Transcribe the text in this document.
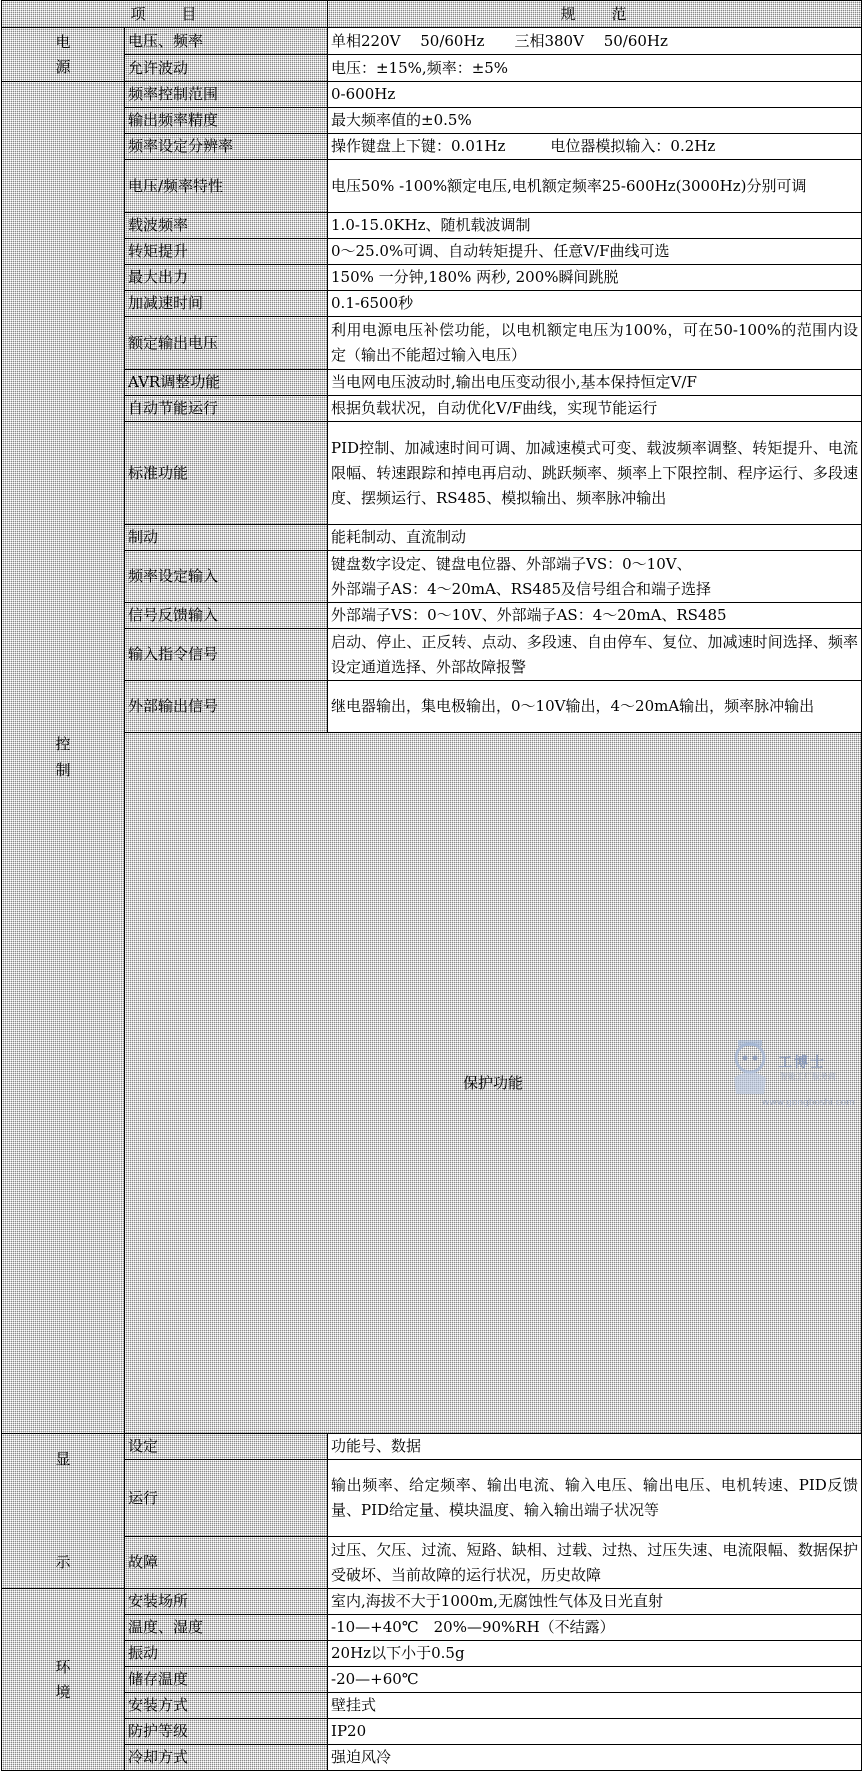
项　　目		规　　范	

电
源	电压、频率	单相220V　 50/60Hz　　三相380V　 50/60Hz	
	允许波动	电压：±15%,频率：±5%	

控
制	频率控制范围	0-600Hz	
	输出频率精度	最大频率值的±0.5%	
	频率设定分辨率	操作键盘上下键：0.01Hz　　　电位器模拟输入：0.2Hz	
	电压/频率特性	电压50% -100%额定电压,电机额定频率25-600Hz(3000Hz)分别可调	
	载波频率	1.0-15.0KHz、随机载波调制	
	转矩提升	0～25.0%可调、自动转矩提升、任意V/F曲线可选	
	最大出力	150% 一分钟,180% 两秒, 200%瞬间跳脱	
	加减速时间	0.1-6500秒	
	额定输出电压	利用电源电压补偿功能，以电机额定电压为100%，可在50-100%的范围内设定（输出不能超过输入电压）	
	AVR调整功能	当电网电压波动时,输出电压变动很小,基本保持恒定V/F	
	自动节能运行	根据负载状况，自动优化V/F曲线，实现节能运行	
	标准功能	PID控制、加减速时间可调、加减速模式可变、载波频率调整、转矩提升、电流限幅、转速跟踪和掉电再启动、跳跃频率、频率上下限控制、程序运行、多段速度、摆频运行、RS485、模拟输出、频率脉冲输出	
	制动	能耗制动、直流制动	
	频率设定输入	键盘数字设定、键盘电位器、外部端子VS：0～10V、
外部端子AS：4～20mA、RS485及信号组合和端子选择	

	信号反馈输入	外部端子VS：0～10V、外部端子AS：4～20mA、RS485	
	输入指令信号	启动、停止、正反转、点动、多段速、自由停车、复位、加减速时间选择、频率设定通道选择、外部故障报警	
	外部输出信号	继电器输出，集电极输出，0～10V输出，4～20mA输出，频率脉冲输出	
	保护功能	

显
示	设定	功能号、数据	
	运行	输出频率、给定频率、输出电流、输入电压、输出电压、电机转速、PID反馈量、PID给定量、模块温度、输入输出端子状况等	
	故障	过压、欠压、过流、短路、缺相、过载、过热、过压失速、电流限幅、数据保护受破坏、当前故障的运行状况，历史故障	

环
境	安装场所	室内,海拔不大于1000m,无腐蚀性气体及日光直射	
	温度、湿度	-10—+40℃　20%—90%RH（不结露）	
	振动	20Hz以下小于0.5g	
	储存温度	-20—+60℃	
	安装方式	壁挂式	
	防护等级	IP20	
	冷却方式	强迫风冷	
工博士
智能工厂服务商
www.gongboshi.com
